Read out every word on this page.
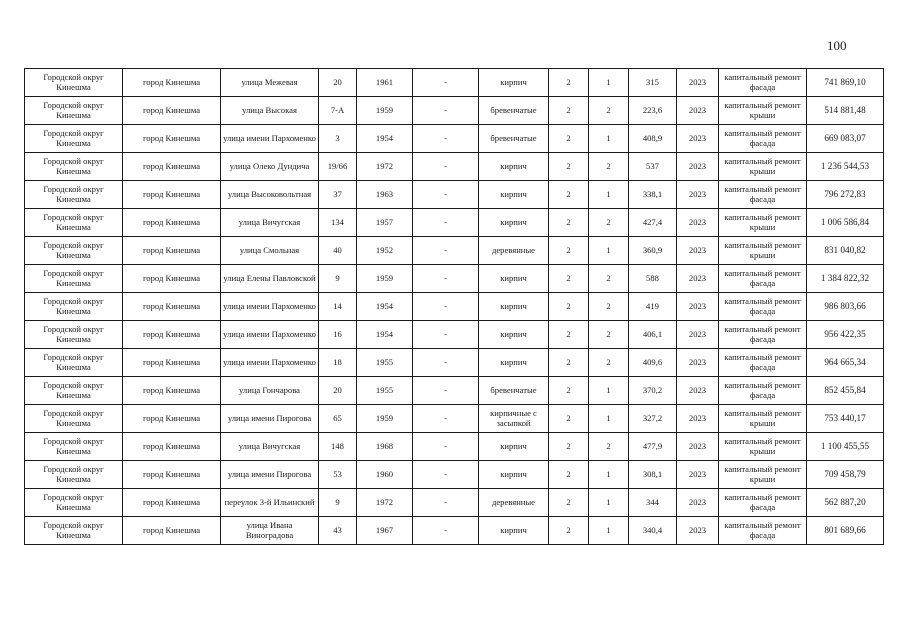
100
Городской округ Кинешма	город Кинешма	улица Межевая	20	1961	-	кирпич	2	1	315	2023	капитальный ремонт фасада	741 869,10
Городской округ Кинешма	город Кинешма	улица Высокая	7-А	1959	-	бревенчатые	2	2	223,6	2023	капитальный ремонт крыши	514 881,48
Городской округ Кинешма	город Кинешма	улица имени Пархоменко	3	1954	-	бревенчатые	2	1	408,9	2023	капитальный ремонт фасада	669 083,07
Городской округ Кинешма	город Кинешма	улица Олеко Дундича	19/66	1972	-	кирпич	2	2	537	2023	капитальный ремонт крыши	1 236 544,53
Городской округ Кинешма	город Кинешма	улица Высоковольтная	37	1963	-	кирпич	2	1	338,1	2023	капитальный ремонт фасада	796 272,83
Городской округ Кинешма	город Кинешма	улица Вичугская	134	1957	-	кирпич	2	2	427,4	2023	капитальный ремонт крыши	1 006 586,84
Городской округ Кинешма	город Кинешма	улица Смольная	40	1952	-	деревянные	2	1	360,9	2023	капитальный ремонт крыши	831 040,82
Городской округ Кинешма	город Кинешма	улица Елены Павловской	9	1959	-	кирпич	2	2	588	2023	капитальный ремонт фасада	1 384 822,32
Городской округ Кинешма	город Кинешма	улица имени Пархоменко	14	1954	-	кирпич	2	2	419	2023	капитальный ремонт фасада	986 803,66
Городской округ Кинешма	город Кинешма	улица имени Пархоменко	16	1954	-	кирпич	2	2	406,1	2023	капитальный ремонт фасада	956 422,35
Городской округ Кинешма	город Кинешма	улица имени Пархоменко	18	1955	-	кирпич	2	2	409,6	2023	капитальный ремонт фасада	964 665,34
Городской округ Кинешма	город Кинешма	улица Гончарова	20	1955	-	бревенчатые	2	1	370,2	2023	капитальный ремонт фасада	852 455,84
Городской округ Кинешма	город Кинешма	улица имени Пирогова	65	1959	-	кирпичные с засыпкой	2	1	327,2	2023	капитальный ремонт крыши	753 440,17
Городской округ Кинешма	город Кинешма	улица Вичугская	148	1968	-	кирпич	2	2	477,9	2023	капитальный ремонт крыши	1 100 455,55
Городской округ Кинешма	город Кинешма	улица имени Пирогова	53	1960	-	кирпич	2	1	308,1	2023	капитальный ремонт крыши	709 458,79
Городской округ Кинешма	город Кинешма	переулок 3-й Ильинский	9	1972	-	деревянные	2	1	344	2023	капитальный ремонт фасада	562 887,20
Городской округ Кинешма	город Кинешма	улица Ивана Виноградова	43	1967	-	кирпич	2	1	340,4	2023	капитальный ремонт фасада	801 689,66
